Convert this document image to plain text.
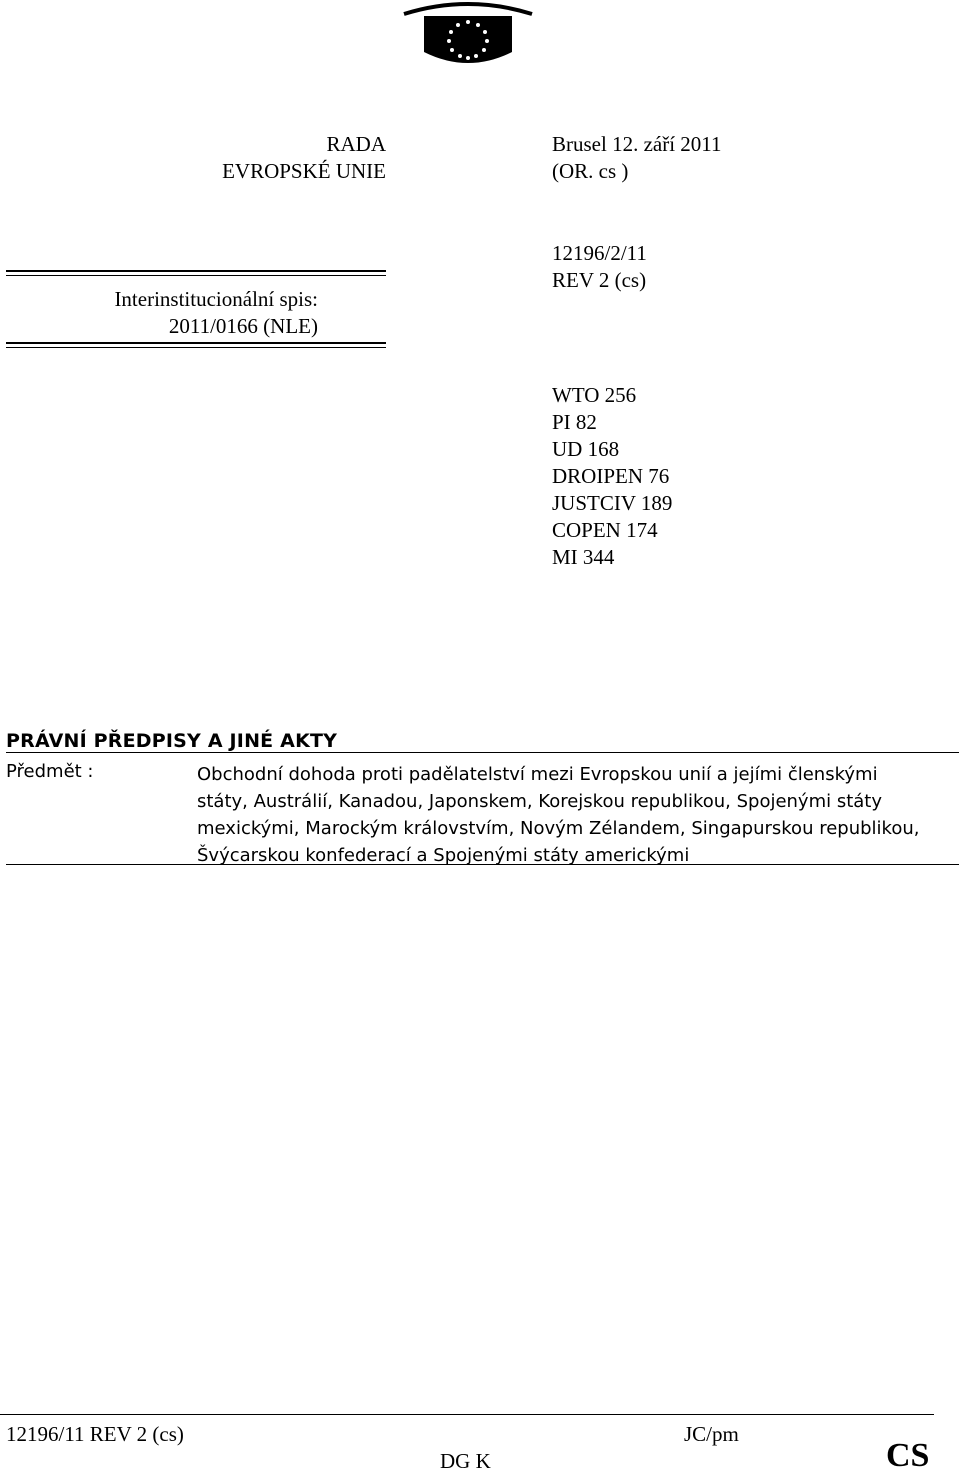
RADA
EVROPSKÉ UNIE
Brusel 12. září 2011
(OR. cs )
Interinstitucionální spis:
2011/0166 (NLE)
12196/2/11
REV 2 (cs)
WTO 256
PI 82
UD 168
DROIPEN 76
JUSTCIV 189
COPEN 174
MI 344
PRÁVNÍ PŘEDPISY A JINÉ AKTY
Předmět :	Obchodní dohoda proti padělatelství mezi Evropskou unií a jejími členskými
státy, Austrálií, Kanadou, Japonskem, Korejskou republikou, Spojenými státy
mexickými, Marockým královstvím, Novým Zélandem, Singapurskou republikou,
Švýcarskou konfederací a Spojenými státy americkými
12196/11 REV 2 (cs)	JC/pm
DG K	CS
